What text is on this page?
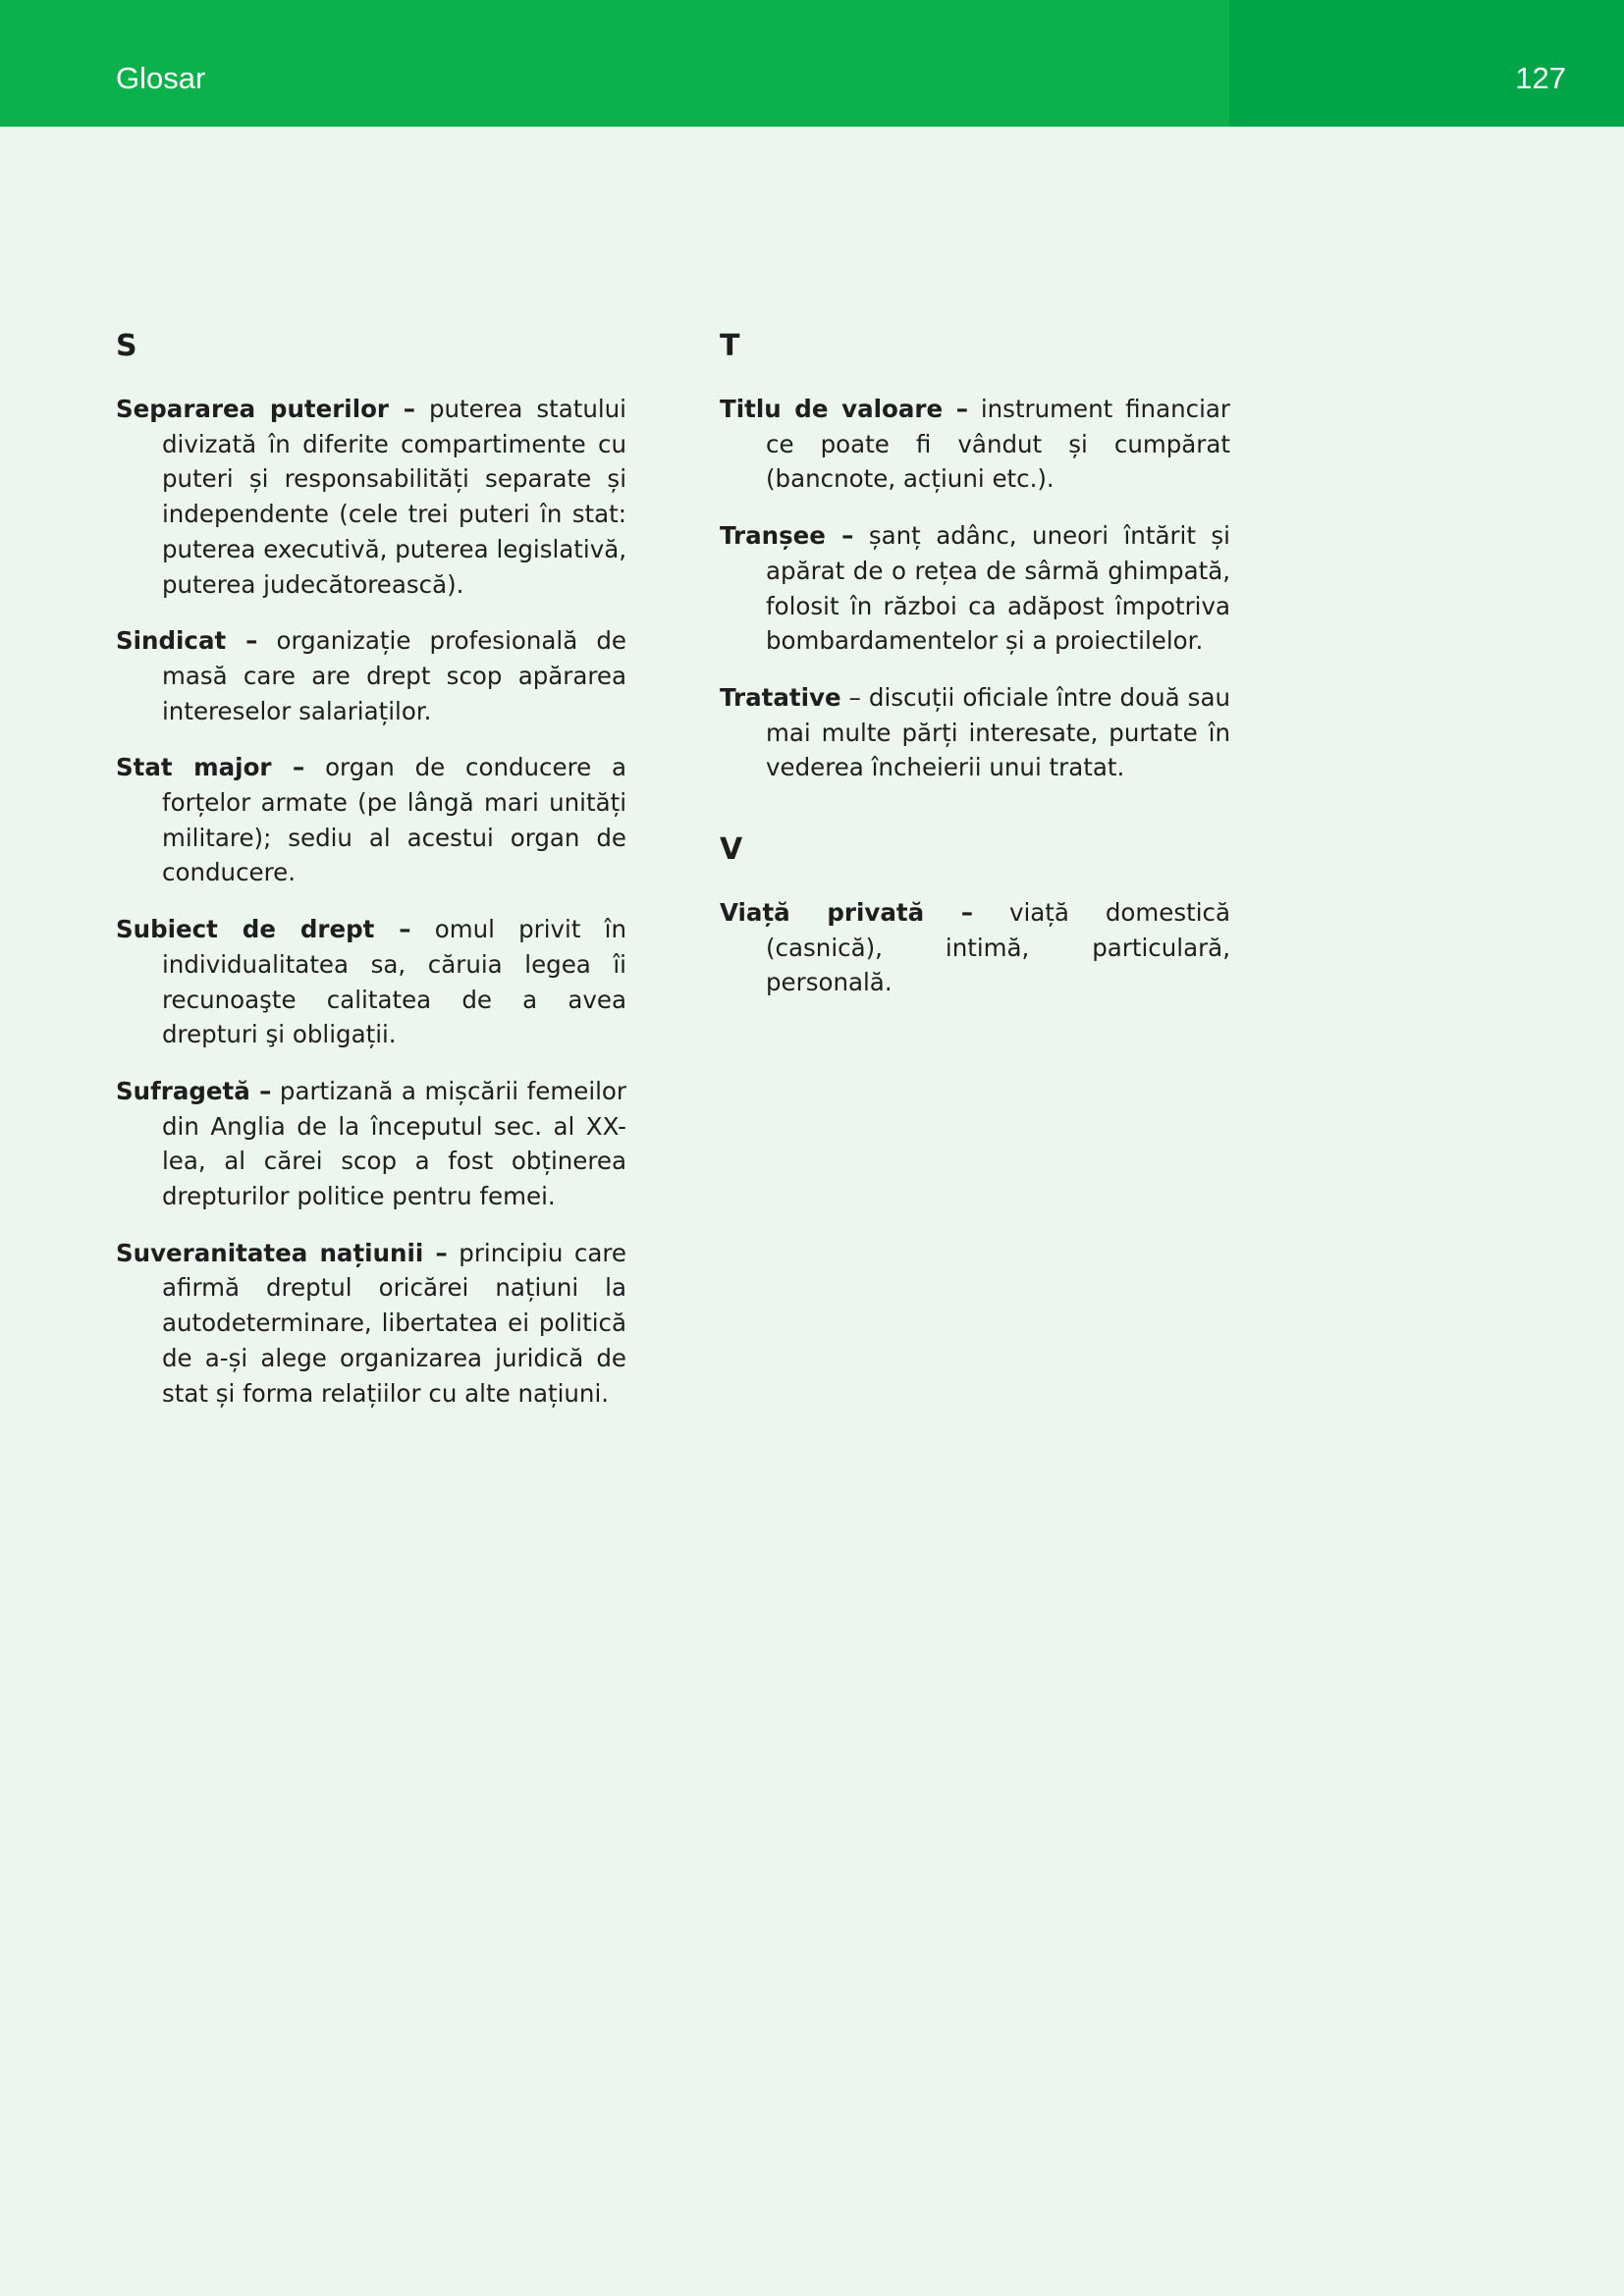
Glosar	127
S

Separarea puterilor – puterea statului divizată în diferite compartimente cu puteri și responsabilități separate și independente (cele trei puteri în stat: puterea executivă, puterea legislativă, puterea judecătorească).

Sindicat – organizație profesională de masă care are drept scop apărarea intereselor salariaților.

Stat major – organ de conducere a forțelor armate (pe lângă mari unități militare); sediu al acestui organ de conducere.

Subiect de drept – omul privit în individualitatea sa, căruia legea îi recunoaşte calitatea de a avea drepturi şi obligații.

Sufragetă – partizană a mișcării femeilor din Anglia de la începutul sec. al XX-lea, al cărei scop a fost obținerea drepturilor politice pentru femei.

Suveranitatea națiunii – principiu care afirmă dreptul oricărei națiuni la autodeterminare, libertatea ei politică de a-și alege organizarea juridică de stat și forma relațiilor cu alte națiuni.

T

Titlu de valoare – instrument financiar ce poate fi vândut și cumpărat (bancnote, acțiuni etc.).

Tranșee – șanț adânc, uneori întărit și apărat de o rețea de sârmă ghimpată, folosit în război ca adăpost împotriva bombardamentelor și a proiectilelor.

Tratative – discuții oficiale între două sau mai multe părți interesate, purtate în vederea încheierii unui tratat.

V

Viață privată – viață domestică (casnică), intimă, particulară, personală.
